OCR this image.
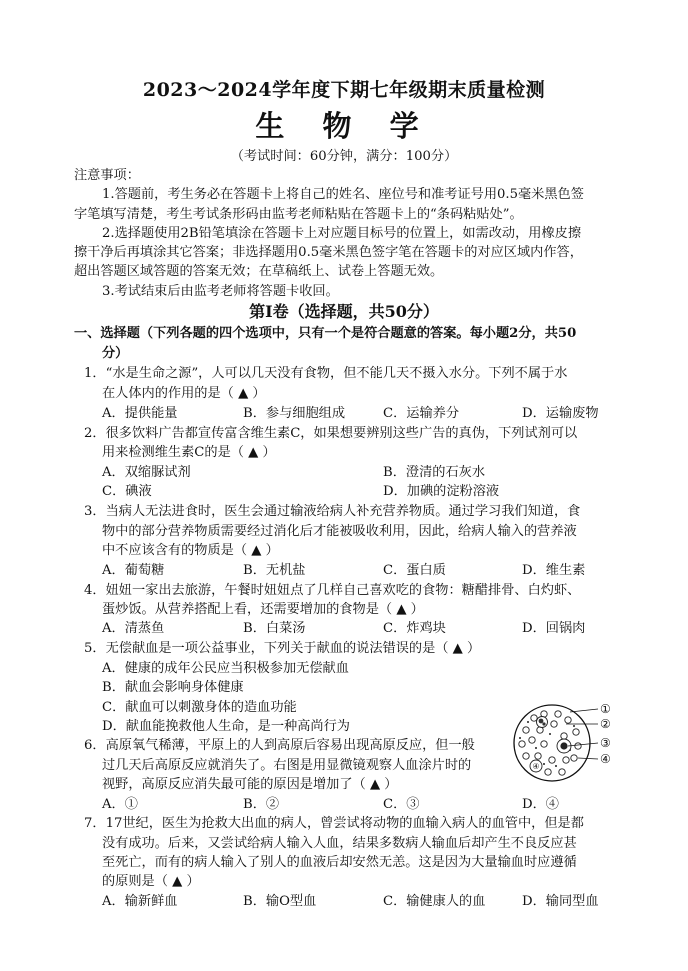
2023～2024学年度下期七年级期末质量检测
生 物 学
（考试时间：60分钟，满分：100分）
注意事项：
1.答题前，考生务必在答题卡上将自己的姓名、座位号和准考证号用0.5毫米黑色签
字笔填写清楚，考生考试条形码由监考老师粘贴在答题卡上的“条码粘贴处”。
2.选择题使用2B铅笔填涂在答题卡上对应题目标号的位置上，如需改动，用橡皮擦
擦干净后再填涂其它答案；非选择题用0.5毫米黑色签字笔在答题卡的对应区域内作答，
超出答题区域答题的答案无效；在草稿纸上、试卷上答题无效。
3.考试结束后由监考老师将答题卡收回。
第Ⅰ卷（选择题，共50分）
一、选择题（下列各题的四个选项中，只有一个是符合题意的答案。每小题2分，共50
分）
1．“水是生命之源”，人可以几天没有食物，但不能几天不摄入水分。下列不属于水
在人体内的作用的是（ ▲ ）
A．提供能量	B．参与细胞组成	C．运输养分	D．运输废物
2．很多饮料广告都宣传富含维生素C，如果想要辨别这些广告的真伪，下列试剂可以
用来检测维生素C的是（ ▲ ）
A．双缩脲试剂	B．澄清的石灰水
C．碘液	D．加碘的淀粉溶液
3．当病人无法进食时，医生会通过输液给病人补充营养物质。通过学习我们知道，食
物中的部分营养物质需要经过消化后才能被吸收利用，因此，给病人输入的营养液
中不应该含有的物质是（ ▲ ）
A．葡萄糖	B．无机盐	C．蛋白质	D．维生素
4．妞妞一家出去旅游，午餐时妞妞点了几样自己喜欢吃的食物：糖醋排骨、白灼虾、
蛋炒饭。从营养搭配上看，还需要增加的食物是（ ▲ ）
A．清蒸鱼	B．白菜汤	C．炸鸡块	D．回锅肉
5．无偿献血是一项公益事业，下列关于献血的说法错误的是（ ▲ ）
A．健康的成年公民应当积极参加无偿献血
B．献血会影响身体健康
C．献血可以刺激身体的造血功能
D．献血能挽救他人生命，是一种高尚行为
6．高原氧气稀薄，平原上的人到高原后容易出现高原反应，但一般
过几天后高原反应就消失了。右图是用显微镜观察人血涂片时的
视野，高原反应消失最可能的原因是增加了（ ▲ ）
A．①	B．②	C．③	D．④
7．17世纪，医生为抢救大出血的病人，曾尝试将动物的血输入病人的血管中，但是都
没有成功。后来，又尝试给病人输入人血，结果多数病人输血后却产生不良反应甚
至死亡，而有的病人输入了别人的血液后却安然无恙。这是因为大量输血时应遵循
的原则是（ ▲ ）
A．输新鲜血	B．输O型血	C．输健康人的血	D．输同型血
④
①
②
③
④
